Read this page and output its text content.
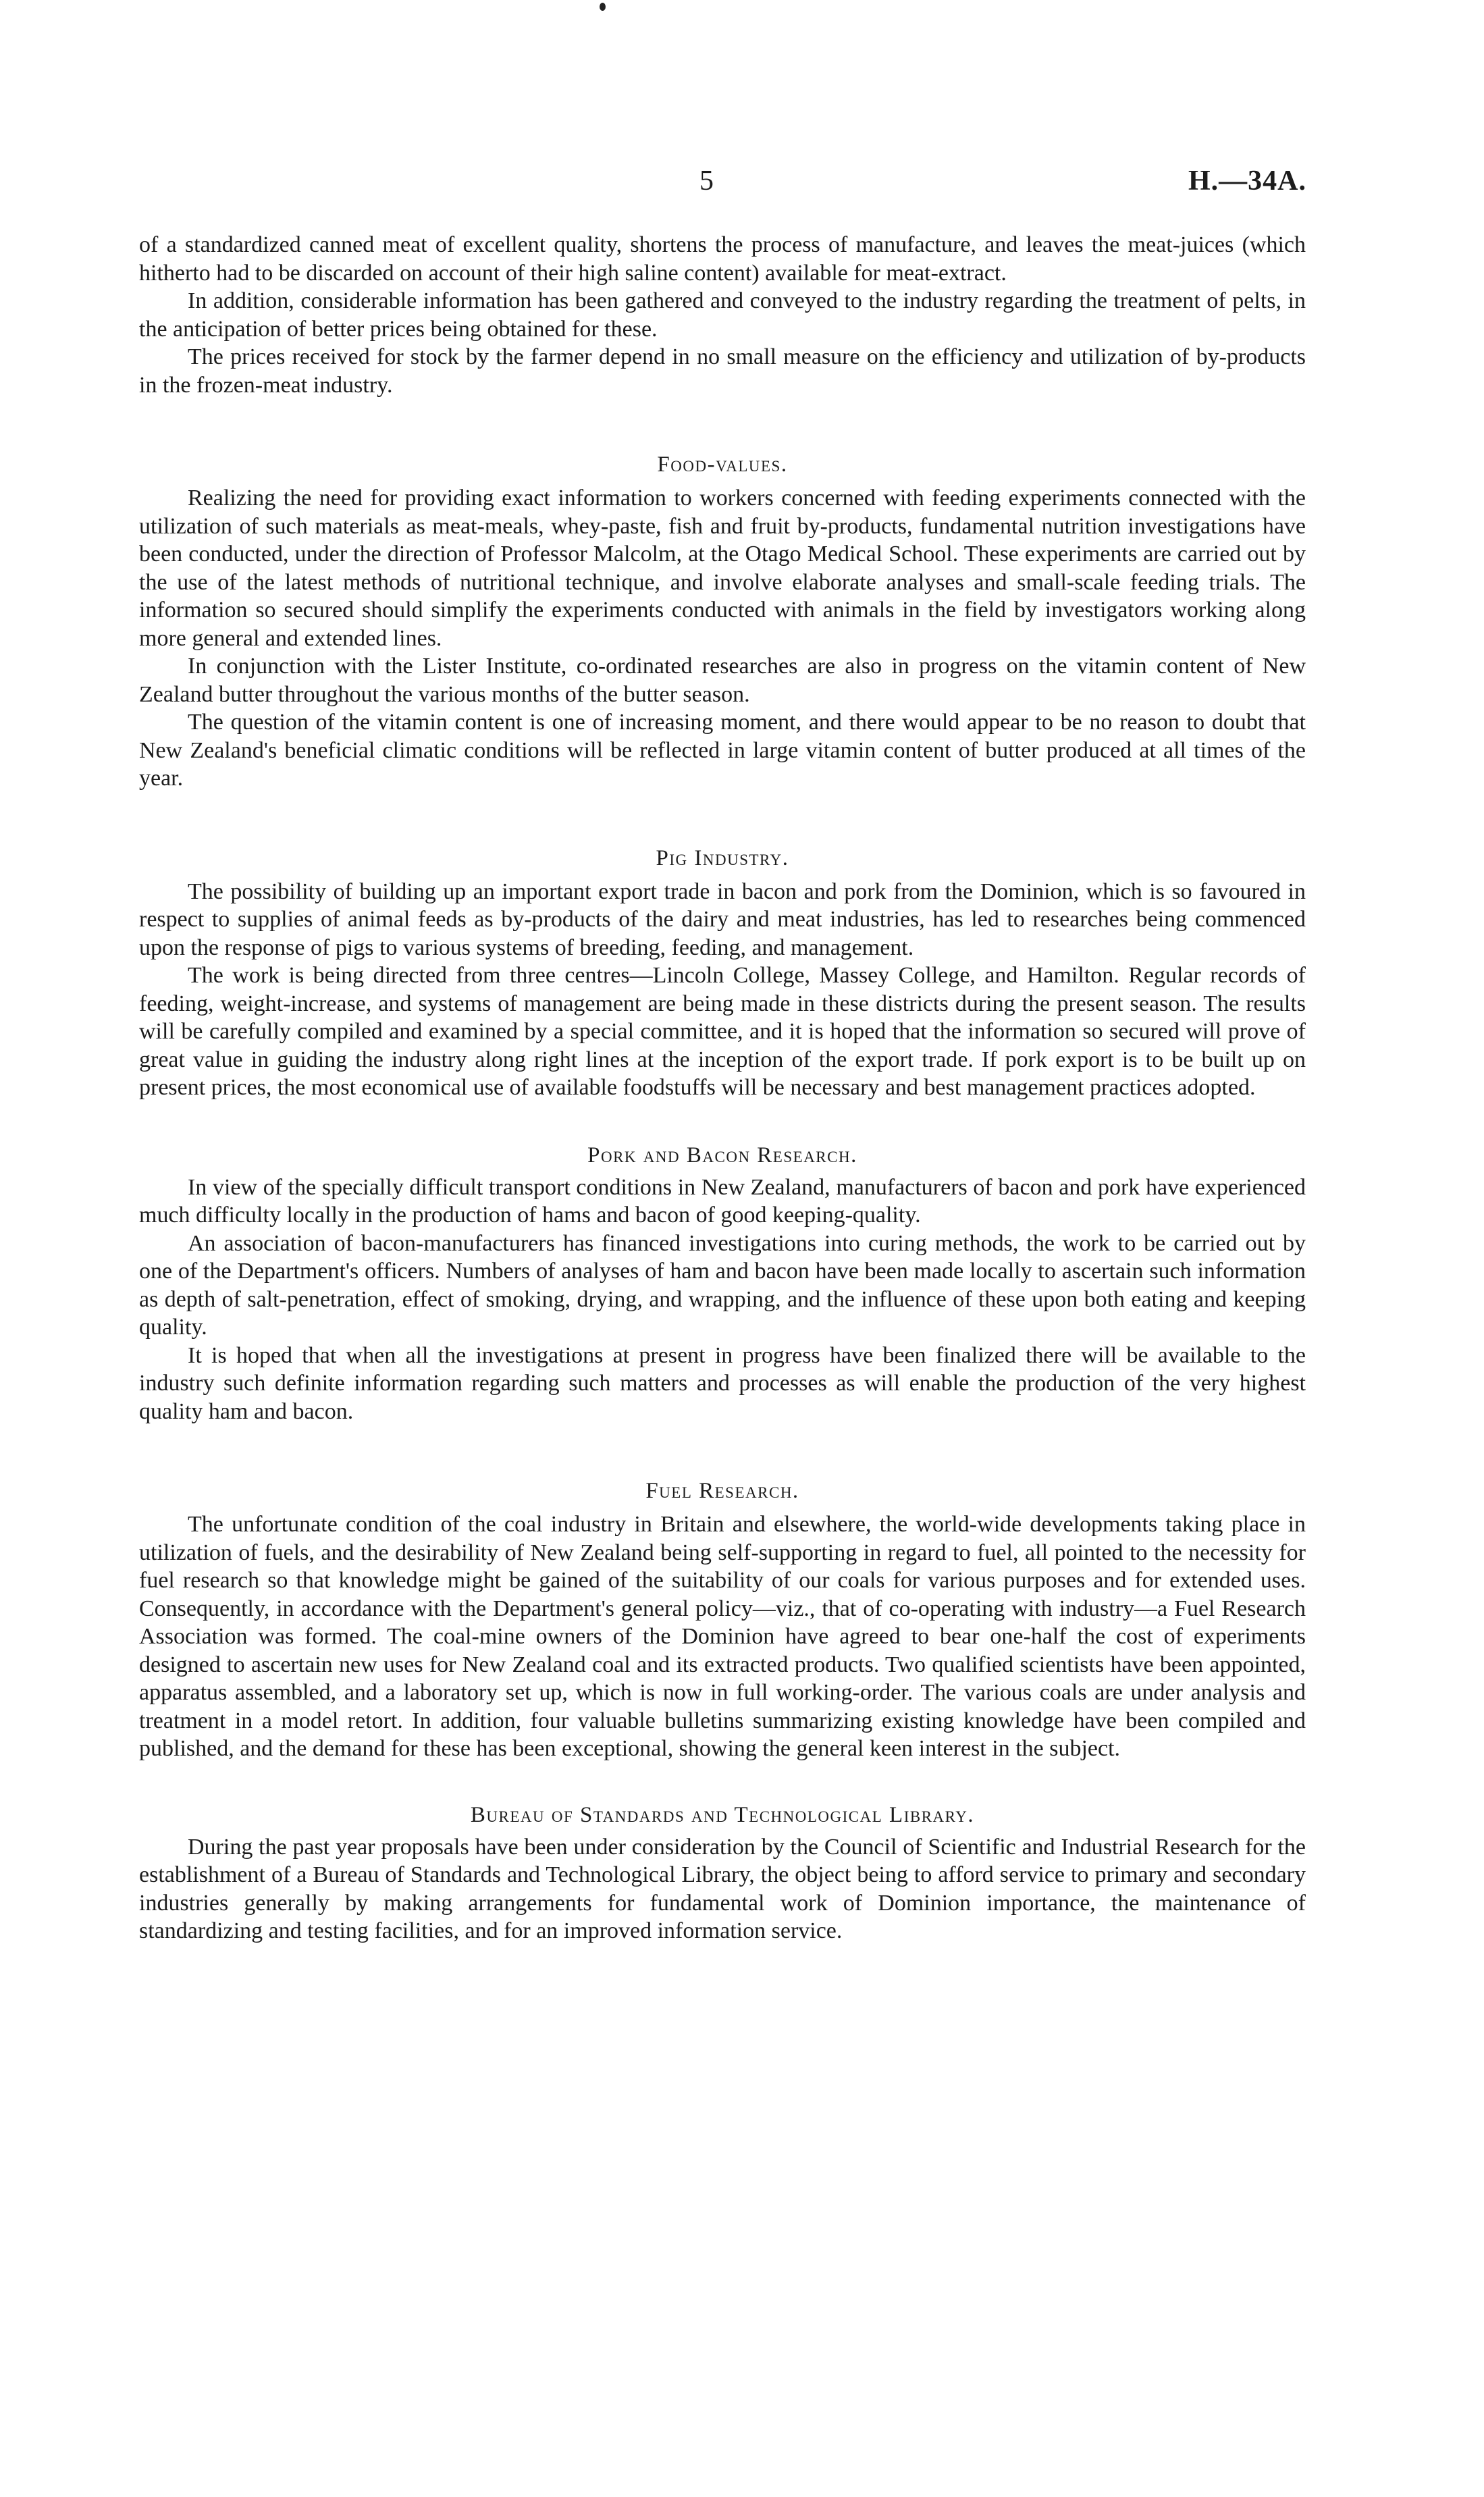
5	H.—34A.

of a standardized canned meat of excellent quality, shortens the process of manufacture, and leaves the meat-juices (which hitherto had to be discarded on account of their high saline content) available for meat-extract.

In addition, considerable information has been gathered and conveyed to the industry regarding the treatment of pelts, in the anticipation of better prices being obtained for these.

The prices received for stock by the farmer depend in no small measure on the efficiency and utilization of by-products in the frozen-meat industry.

Food-values.

Realizing the need for providing exact information to workers concerned with feeding experiments connected with the utilization of such materials as meat-meals, whey-paste, fish and fruit by-products, fundamental nutrition investigations have been conducted, under the direction of Professor Malcolm, at the Otago Medical School. These experiments are carried out by the use of the latest methods of nutritional technique, and involve elaborate analyses and small-scale feeding trials. The information so secured should simplify the experiments conducted with animals in the field by investigators working along more general and extended lines.

In conjunction with the Lister Institute, co-ordinated researches are also in progress on the vitamin content of New Zealand butter throughout the various months of the butter season.

The question of the vitamin content is one of increasing moment, and there would appear to be no reason to doubt that New Zealand's beneficial climatic conditions will be reflected in large vitamin content of butter produced at all times of the year.

Pig Industry.

The possibility of building up an important export trade in bacon and pork from the Dominion, which is so favoured in respect to supplies of animal feeds as by-products of the dairy and meat industries, has led to researches being commenced upon the response of pigs to various systems of breeding, feeding, and management.

The work is being directed from three centres—Lincoln College, Massey College, and Hamilton. Regular records of feeding, weight-increase, and systems of management are being made in these districts during the present season. The results will be carefully compiled and examined by a special committee, and it is hoped that the information so secured will prove of great value in guiding the industry along right lines at the inception of the export trade. If pork export is to be built up on present prices, the most economical use of available foodstuffs will be necessary and best management practices adopted.

Pork and Bacon Research.

In view of the specially difficult transport conditions in New Zealand, manufacturers of bacon and pork have experienced much difficulty locally in the production of hams and bacon of good keeping-quality.

An association of bacon-manufacturers has financed investigations into curing methods, the work to be carried out by one of the Department's officers. Numbers of analyses of ham and bacon have been made locally to ascertain such information as depth of salt-penetration, effect of smoking, drying, and wrapping, and the influence of these upon both eating and keeping quality.

It is hoped that when all the investigations at present in progress have been finalized there will be available to the industry such definite information regarding such matters and processes as will enable the production of the very highest quality ham and bacon.

Fuel Research.

The unfortunate condition of the coal industry in Britain and elsewhere, the world-wide developments taking place in utilization of fuels, and the desirability of New Zealand being self-supporting in regard to fuel, all pointed to the necessity for fuel research so that knowledge might be gained of the suitability of our coals for various purposes and for extended uses. Consequently, in accordance with the Department's general policy—viz., that of co-operating with industry—a Fuel Research Association was formed. The coal-mine owners of the Dominion have agreed to bear one-half the cost of experiments designed to ascertain new uses for New Zealand coal and its extracted products. Two qualified scientists have been appointed, apparatus assembled, and a laboratory set up, which is now in full working-order. The various coals are under analysis and treatment in a model retort. In addition, four valuable bulletins summarizing existing knowledge have been compiled and published, and the demand for these has been exceptional, showing the general keen interest in the subject.

Bureau of Standards and Technological Library.

During the past year proposals have been under consideration by the Council of Scientific and Industrial Research for the establishment of a Bureau of Standards and Technological Library, the object being to afford service to primary and secondary industries generally by making arrangements for fundamental work of Dominion importance, the maintenance of standardizing and testing facilities, and for an improved information service.
